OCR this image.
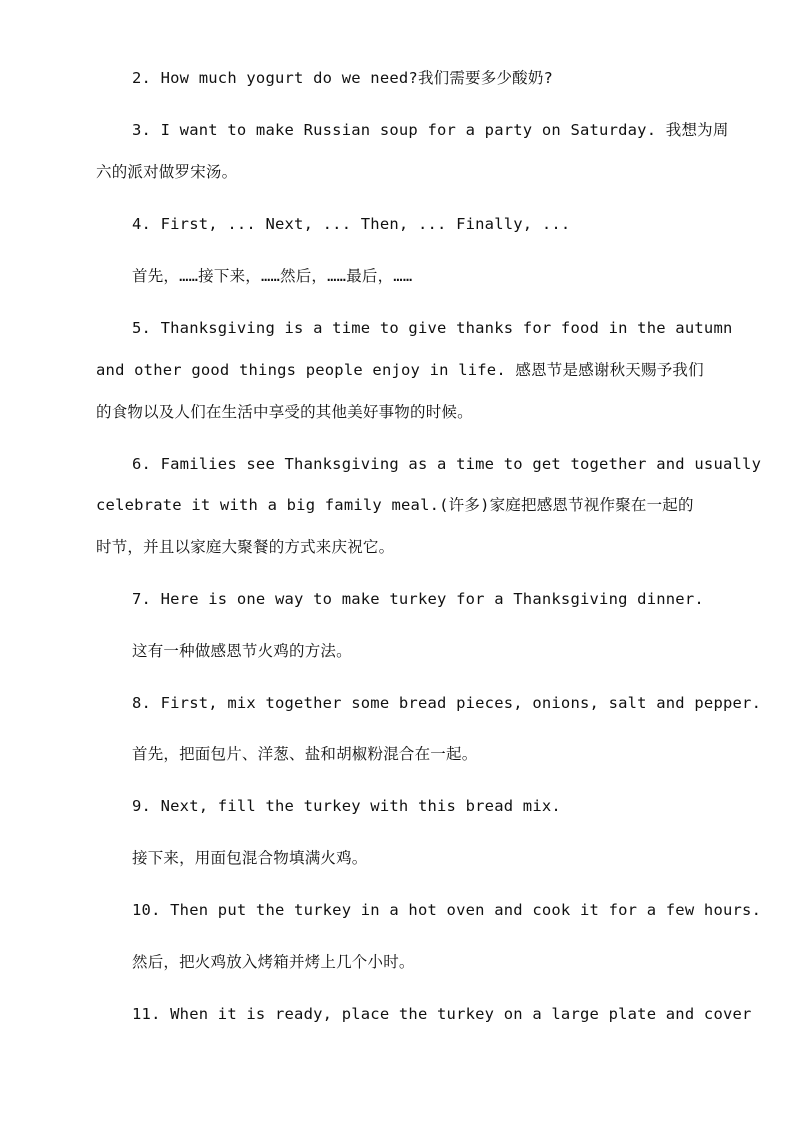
2. How much yogurt do we need?我们需要多少酸奶?
3. I want to make Russian soup for a party on Saturday. 我想为周
六的派对做罗宋汤。
4. First, ... Next, ... Then, ... Finally, ...
首先，……接下来，……然后，……最后，……
5. Thanksgiving is a time to give thanks for food in the autumn
and other good things people enjoy in life. 感恩节是感谢秋天赐予我们
的食物以及人们在生活中享受的其他美好事物的时候。
6. Families see Thanksgiving as a time to get together and usually
celebrate it with a big family meal.(许多)家庭把感恩节视作聚在一起的
时节，并且以家庭大聚餐的方式来庆祝它。
7. Here is one way to make turkey for a Thanksgiving dinner.
这有一种做感恩节火鸡的方法。
8. First, mix together some bread pieces, onions, salt and pepper.
首先，把面包片、洋葱、盐和胡椒粉混合在一起。
9. Next, fill the turkey with this bread mix.
接下来，用面包混合物填满火鸡。
10. Then put the turkey in a hot oven and cook it for a few hours.
然后，把火鸡放入烤箱并烤上几个小时。
11. When it is ready, place the turkey on a large plate and cover
